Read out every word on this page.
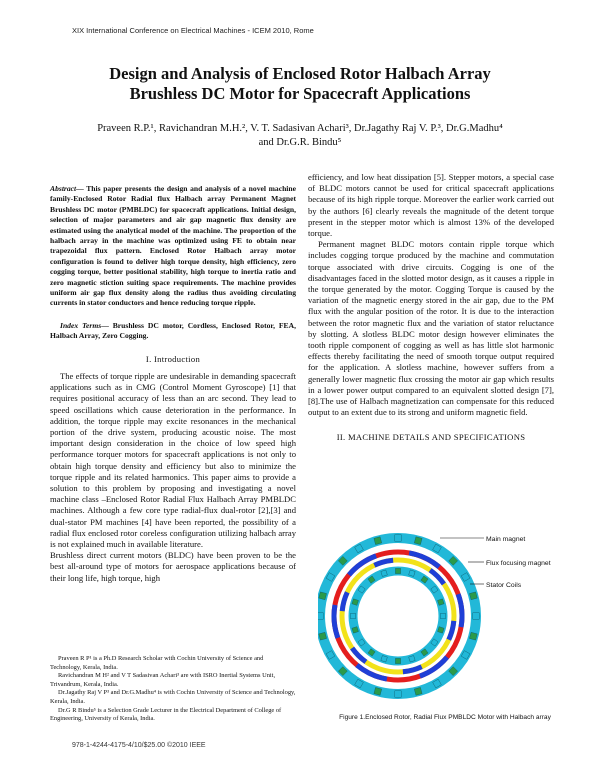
XIX International Conference on Electrical Machines - ICEM 2010, Rome
Design and Analysis of Enclosed Rotor Halbach Array
Brushless DC Motor for Spacecraft Applications
Praveen R.P.¹, Ravichandran M.H.², V. T. Sadasivan Achari³, Dr.Jagathy Raj V. P.³, Dr.G.Madhu⁴
and Dr.G.R. Bindu⁵
Abstract— This paper presents the design and analysis of a novel machine family-Enclosed Rotor Radial flux Halbach array Permanent Magnet Brushless DC motor (PMBLDC) for spacecraft applications. Initial design, selection of major parameters and air gap magnetic flux density are estimated using the analytical model of the machine. The proportion of the halbach array in the machine was optimized using FE to obtain near trapezoidal flux pattern. Enclosed Rotor Halbach array motor configuration is found to deliver high torque density, high efficiency, zero cogging torque, better positional stability, high torque to inertia ratio and zero magnetic stiction suiting space requirements. The machine provides uniform air gap flux density along the radius thus avoiding circulating currents in stator conductors and hence reducing torque ripple.
Index Terms— Brushless DC motor, Cordless, Enclosed Rotor, FEA, Halbach Array, Zero Cogging.
I. Introduction

The effects of torque ripple are undesirable in demanding spacecraft applications such as in CMG (Control Moment Gyroscope) [1] that requires positional accuracy of less than an arc second. They lead to speed oscillations which cause deterioration in the performance. In addition, the torque ripple may excite resonances in the mechanical portion of the drive system, producing acoustic noise. The most important design consideration in the choice of low speed high performance torquer motors for spacecraft applications is not only to obtain high torque density and efficiency but also to minimize the torque ripple and its related harmonics. This paper aims to provide a solution to this problem by proposing and investigating a novel machine class –Enclosed Rotor Radial Flux Halbach Array PMBLDC machines. Although a few core type radial-flux dual-rotor [2],[3] and dual-stator PM machines [4] have been reported, the possibility of a radial flux enclosed rotor coreless configuration utilizing halbach array is not explained much in available literature.

Brushless direct current motors (BLDC) have been proven to be the best all-around type of motors for aerospace applications because of their long life, high torque, high

Praveen R P¹ is a Ph.D Research Scholar with Cochin University of Science and Technology, Kerala, India.

Ravichandran M H² and V T Sadasivan Achari³ are with ISRO Inertial Systems Unit, Trivandrum, Kerala, India.

Dr.Jagathy Raj V P³ and Dr.G.Madhu⁴ is with Cochin University of Science and Technology, Kerala, India.

Dr.G R Bindu⁵ is a Selection Grade Lecturer in the Electrical Department of College of Engineering, University of Kerala, India.

efficiency, and low heat dissipation [5]. Stepper motors, a special case of BLDC motors cannot be used for critical spacecraft applications because of its high ripple torque. Moreover the earlier work carried out by the authors [6] clearly reveals the magnitude of the detent torque present in the stepper motor which is almost 13% of the developed torque.

Permanent magnet BLDC motors contain ripple torque which includes cogging torque produced by the machine and commutation torque associated with drive circuits. Cogging is one of the disadvantages faced in the slotted motor design, as it causes a ripple in the torque generated by the motor. Cogging Torque is caused by the variation of the magnetic energy stored in the air gap, due to the PM flux with the angular position of the rotor. It is due to the interaction between the rotor magnetic flux and the variation of stator reluctance by slotting. A slotless BLDC motor design however eliminates the tooth ripple component of cogging as well as has little slot harmonic effects thereby facilitating the need of smooth torque output required for the application. A slotless machine, however suffers from a generally lower magnetic flux crossing the motor air gap which results in a lower power output compared to an equivalent slotted design [7],[8].The use of Halbach magnetization can compensate for this reduced output to an extent due to its strong and uniform magnetic field.

II. MACHINE DETAILS AND SPECIFICATIONS
Main magnet
Flux focusing magnet
Stator Coils
Figure 1.Enclosed Rotor, Radial Flux PMBLDC Motor with Halbach array
978-1-4244-4175-4/10/$25.00 ©2010 IEEE
